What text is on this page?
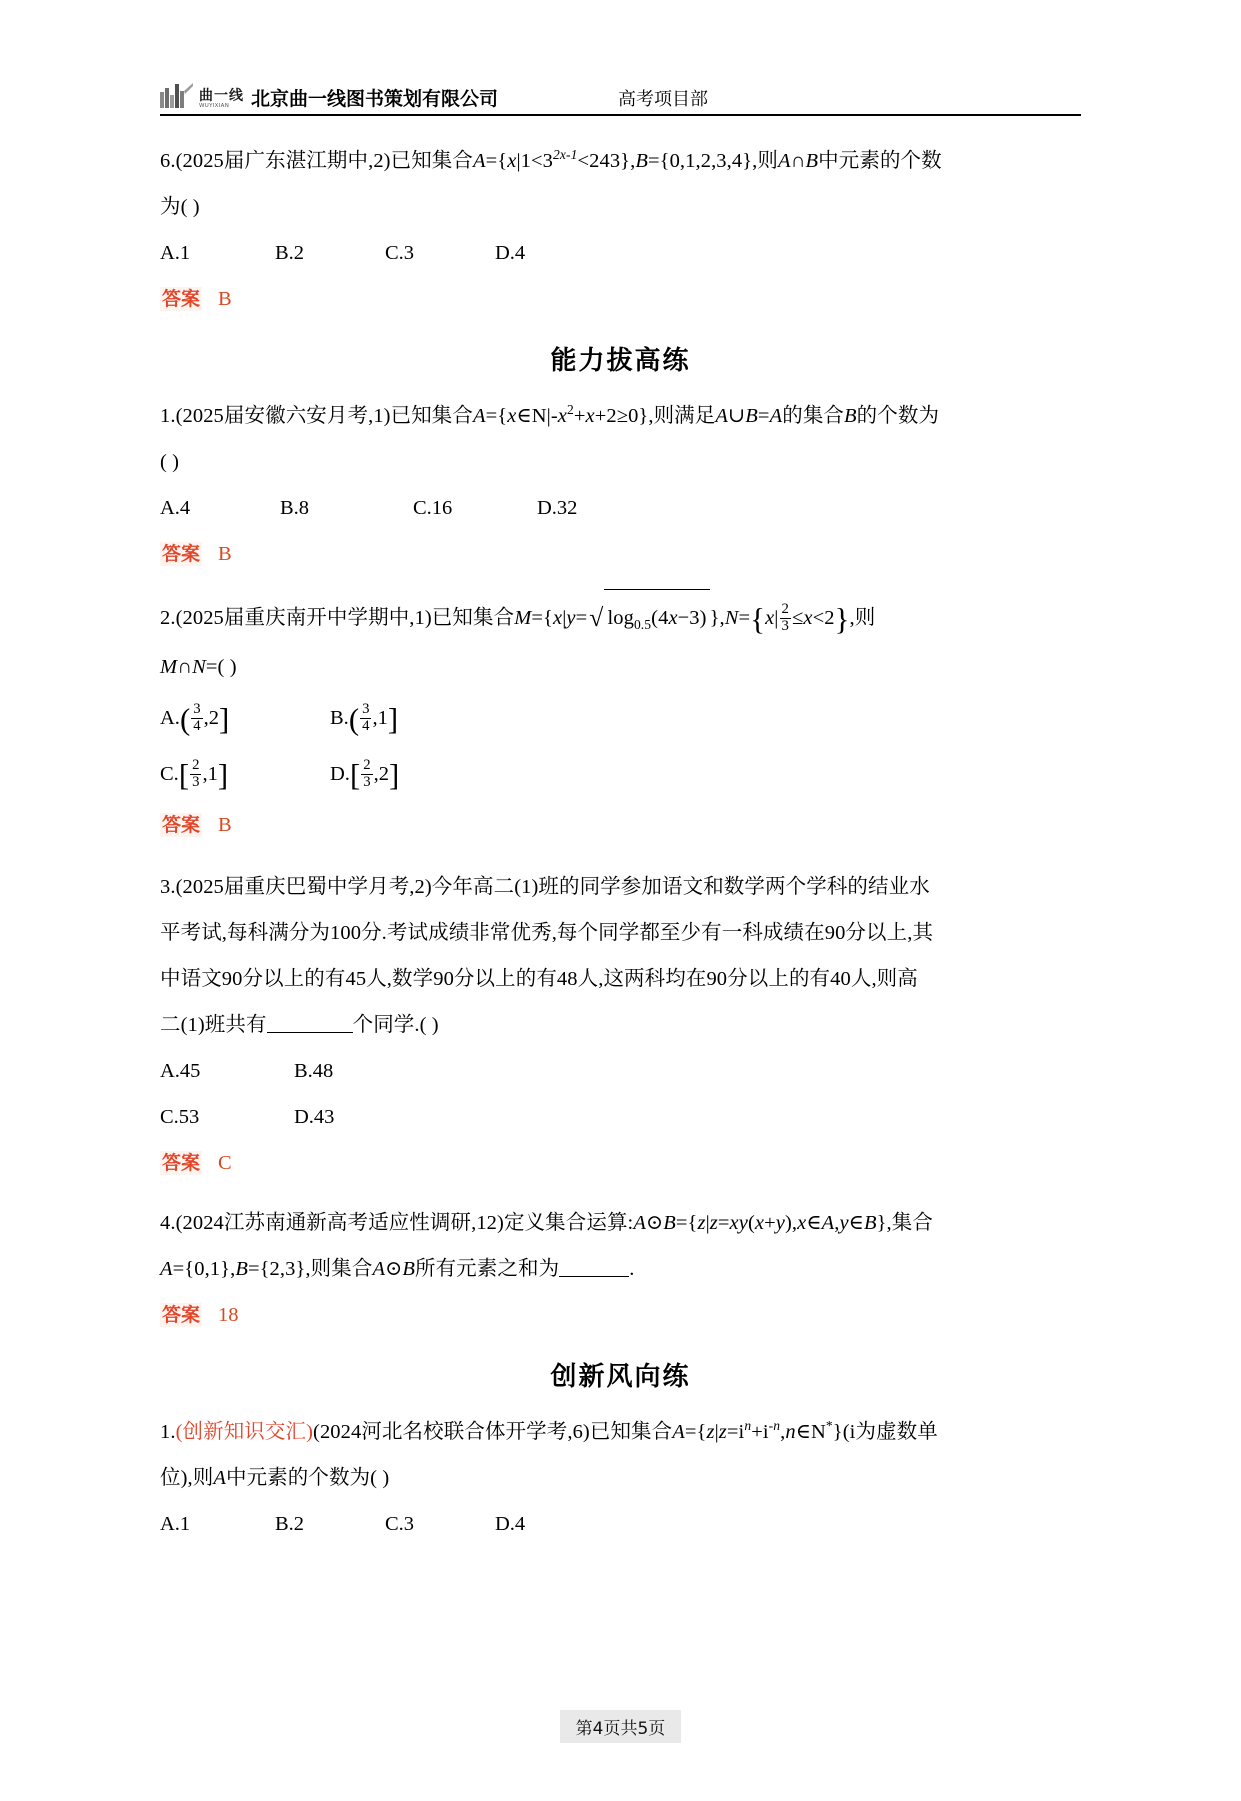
曲一线
WUYIXIAN	北京曲一线图书策划有限公司	高考项目部
6.(2025届广东湛江期中,2)已知集合$A=\{x|1<3^{2x-1}<243\},B=\{0,1,2,3,4\}$,则A∩B中元素的个数
为( )
A.1	B.2	C.3	D.4
答案 B
能力拔高练
1.(2025届安徽六安月考,1)已知集合$A=\{x\in N|-x^2+x+2\ge 0\}$,则满足A∪B=A的集合B的个数为
( )
A.4	B.8	C.16	D.32
答案 B
2.(2025届重庆南开中学期中,1)已知集合M={x|y=√ $\log_{0.5}(4x-3)$ }$,N=\{x| \frac{2}{3} \le x<2\}$,则
M∩N=( )
$A.( \frac{3}{4} ,2]$	$B.( \frac{3}{4} ,1]$
$C.[ \frac{2}{3} ,1]$	$D.[ \frac{2}{3} ,2]$
答案 B
3.(2025届重庆巴蜀中学月考,2)今年高二(1)班的同学参加语文和数学两个学科的结业水
平考试,每科满分为100分.考试成绩非常优秀,每个同学都至少有一科成绩在90分以上,其
中语文90分以上的有45人,数学90分以上的有48人,这两科均在90分以上的有40人,则高
二(1)班共有	个同学.( )
A.45	B.48
C.53	D.43
答案 C
4.(2024江苏南通新高考适应性调研,12)定义集合运算:A⊙B={z|z=xy(x+y),x∈A,y∈B},集合
A={0,1},B={2,3},则集合A⊙B所有元素之和为	.
答案 18
创新风向练
1.(创新知识交汇)(2024河北名校联合体开学考,6)已知集合$A=\{z|z=i^n+i^{-n},n\in N^*\}(i$为虚数单
位),则A中元素的个数为( )
A.1	B.2	C.3	D.4
第4页共5页
